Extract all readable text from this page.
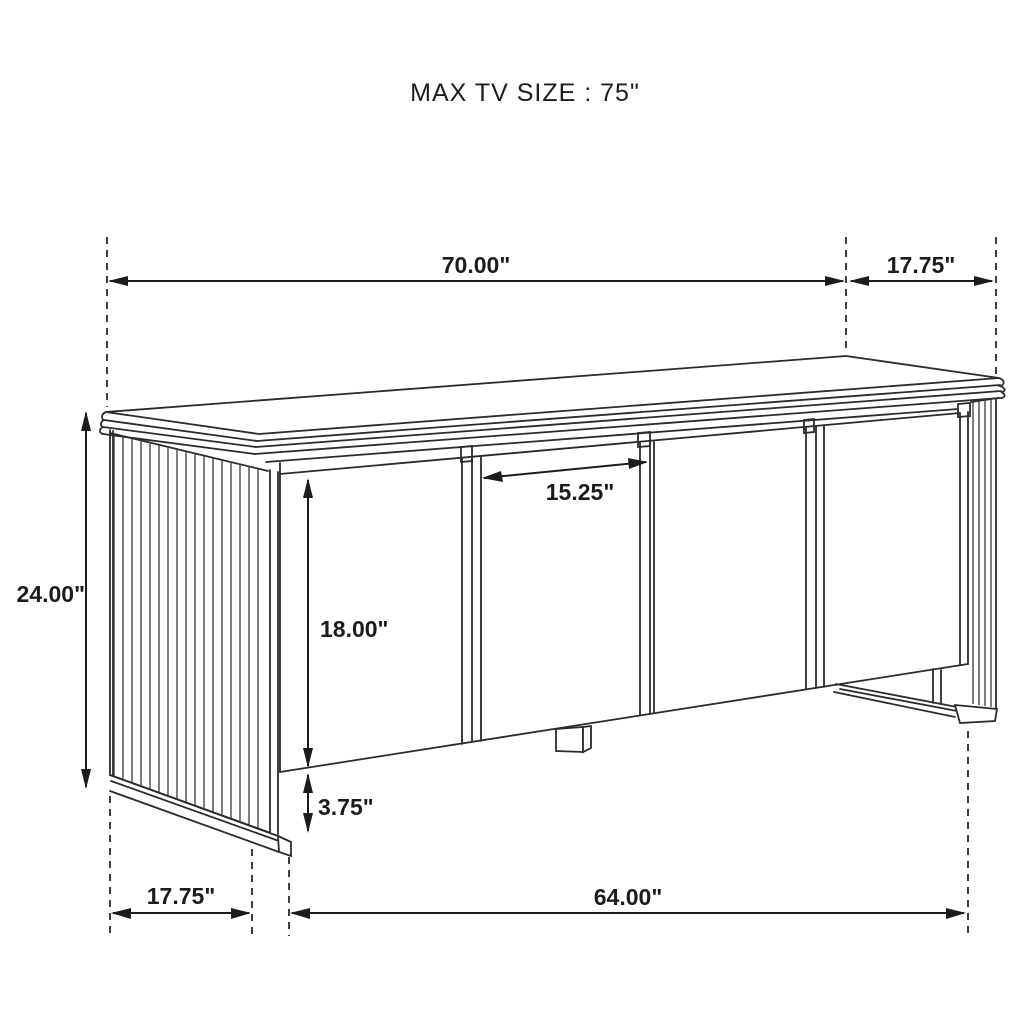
70.00"	17.75"
24.00"
15.25"
18.00"
3.75"
17.75"	64.00"
MAX TV SIZE : 75"
